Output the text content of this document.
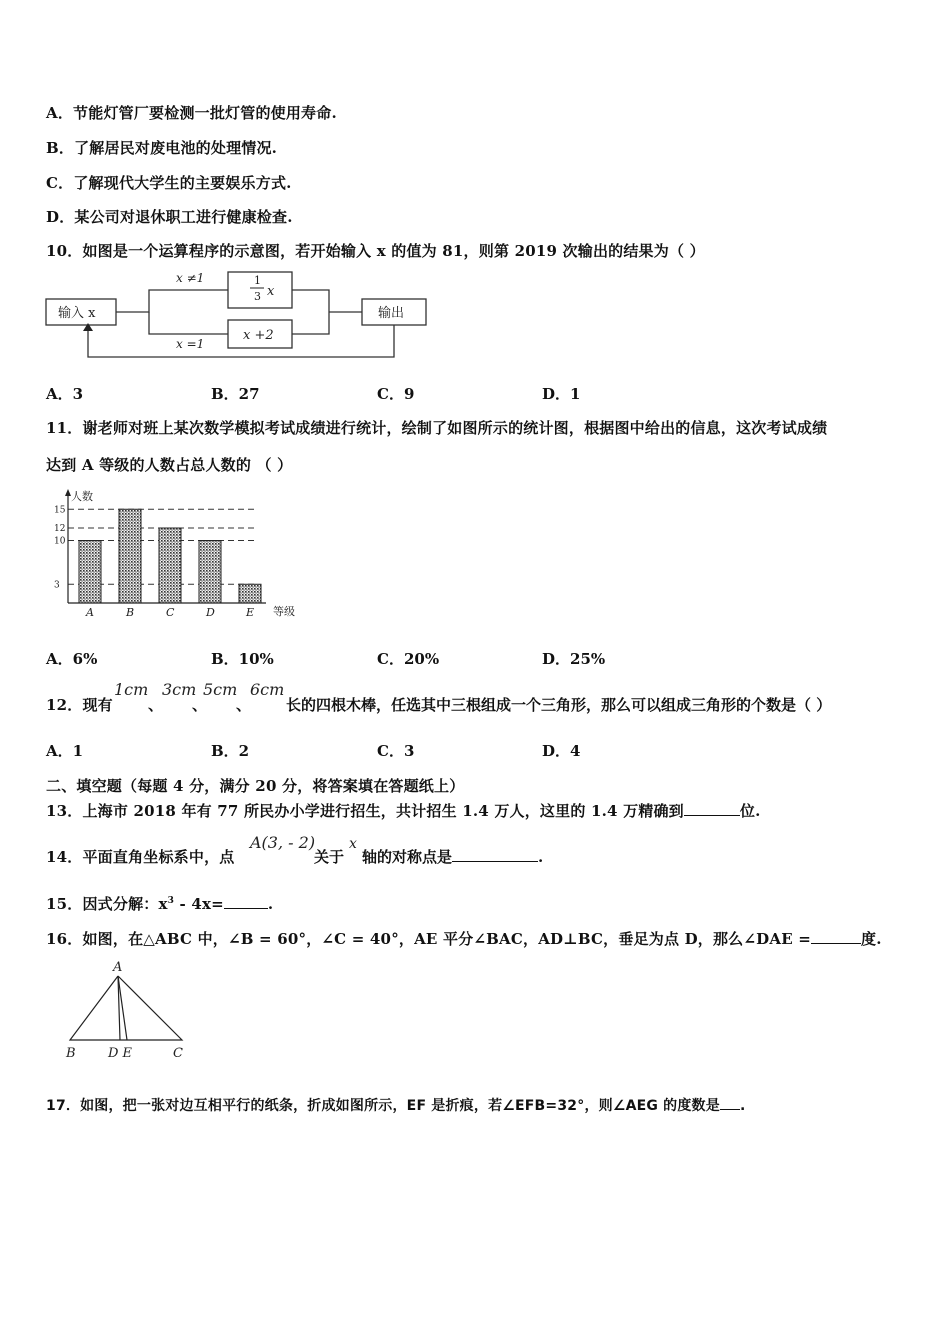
A．节能灯管厂要检测一批灯管的使用寿命.
B．了解居民对废电池的处理情况.
C．了解现代大学生的主要娱乐方式.
D．某公司对退休职工进行健康检查.
10．如图是一个运算程序的示意图，若开始输入 x 的值为 81，则第 2019 次输出的结果为（ ）
输入 x	输出
x ≠1
x =1
1
3 x
x +2
A．3	B．27	C．9	D．1
11．谢老师对班上某次数学模拟考试成绩进行统计，绘制了如图所示的统计图，根据图中给出的信息，这次考试成绩
达到 A 等级的人数占总人数的 （ ）
人数
等级
3
10
12
15
A	B	C	D	E
A．6%	B．10%	C．20%	D．25%
12．现有
1cm
、
3cm
、
5cm
、
6cm
长的四根木棒，任选其中三根组成一个三角形，那么可以组成三角形的个数是（ ）
A．1	B．2	C．3	D．4
二、填空题（每题 4 分，满分 20 分，将答案填在答题纸上）
13．上海市 2018 年有 77 所民办小学进行招生，共计招生 1.4 万人，这里的 1.4 万精确到	位.
14．平面直角坐标系中，点
A(3, - 2)
关于
x
轴的对称点是	.
15．因式分解：$x^3 - 4x=$	.
16．如图，在△ABC 中，∠B = 60°，∠C = 40°，AE 平分∠BAC，AD⊥BC，垂足为点 D，那么∠DAE =	度.
A
B D E	C
17．如图，把一张对边互相平行的纸条，折成如图所示，EF 是折痕，若∠EFB=32°，则∠AEG 的度数是 .
